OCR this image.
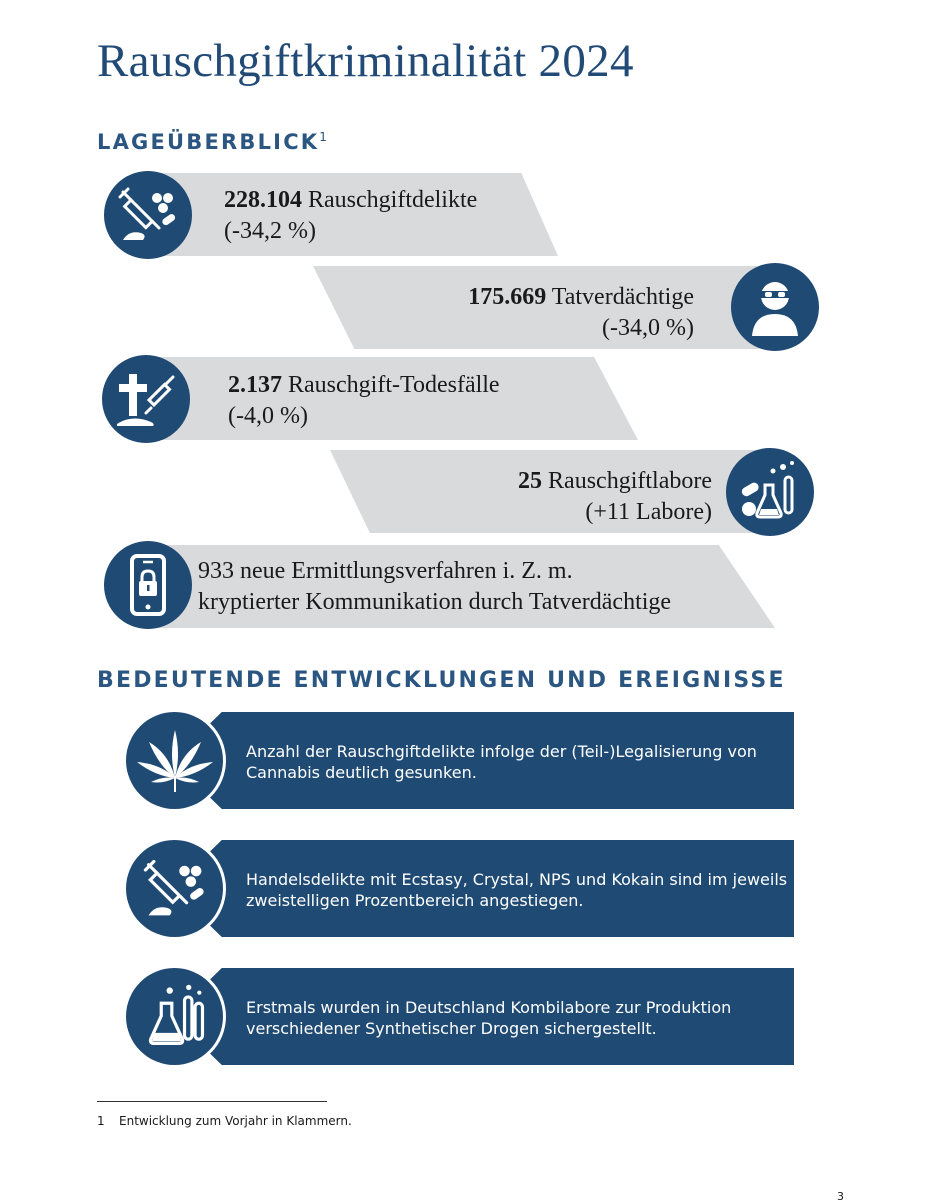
Rauschgiftkriminalität 2024
LAGEÜBERBLICK$^1$
228.104 Rauschgiftdelikte
(-34,2 %)
175.669 Tatverdächtige
(-34,0 %)
2.137 Rauschgift-Todesfälle
(-4,0 %)
25 Rauschgiftlabore
(+11 Labore)
933 neue Ermittlungsverfahren i. Z. m.
kryptierter Kommunikation durch Tatverdächtige
BEDEUTENDE ENTWICKLUNGEN UND EREIGNISSE
Anzahl der Rauschgiftdelikte infolge der (Teil-)Legalisierung von
Cannabis deutlich gesunken.
Handelsdelikte mit Ecstasy, Crystal, NPS und Kokain sind im jeweils
zweistelligen Prozentbereich angestiegen.
Erstmals wurden in Deutschland Kombilabore zur Produktion
verschiedener Synthetischer Drogen sichergestellt.
1 Entwicklung zum Vorjahr in Klammern.
3
